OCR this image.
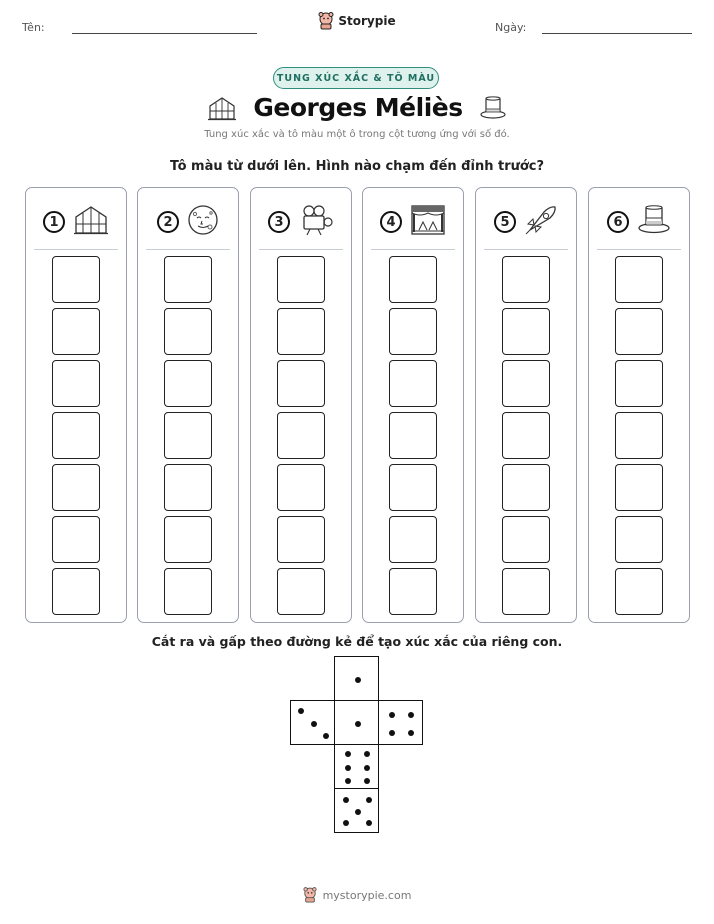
Tên:	Storypie	Ngày:
TUNG XÚC XẮC & TÔ MÀU
Georges Méliès
Tung xúc xắc và tô màu một ô trong cột tương ứng với số đó.
Tô màu từ dưới lên. Hình nào chạm đến đỉnh trước?
1	2	3	4	5	6
Cắt ra và gấp theo đường kẻ để tạo xúc xắc của riêng con.
mystorypie.com
